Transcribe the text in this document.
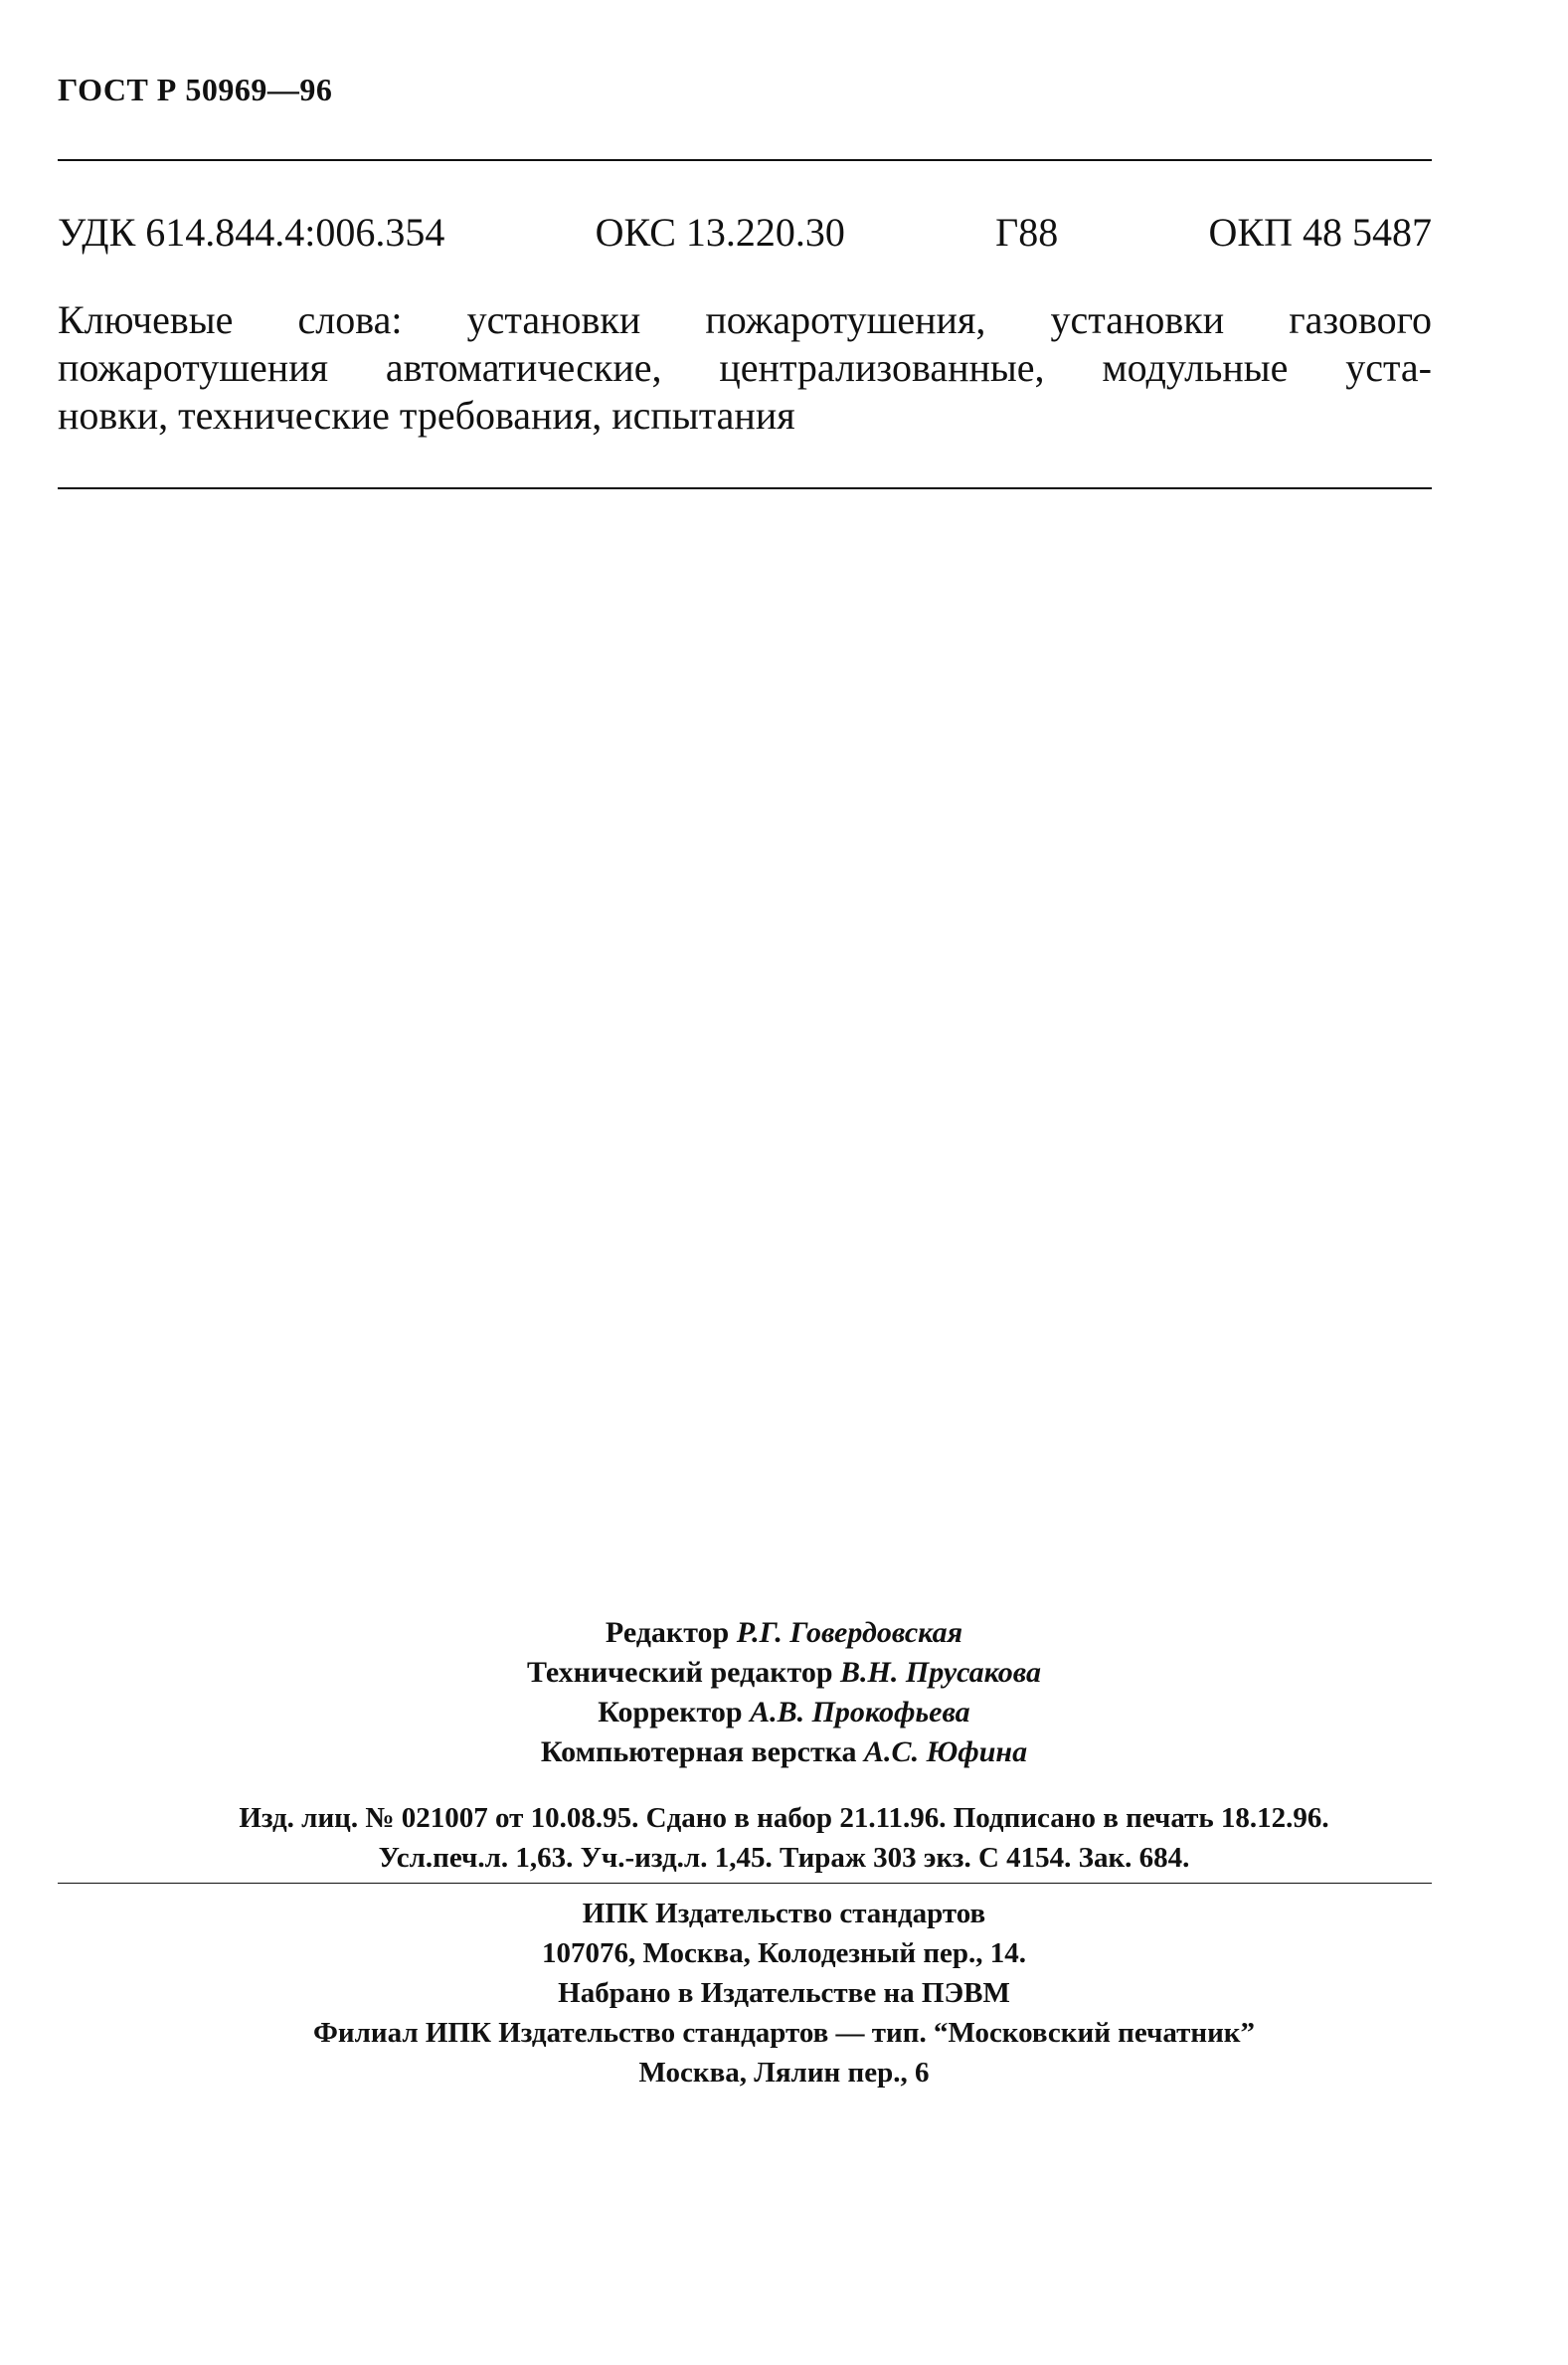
ГОСТ Р 50969—96
УДК 614.844.4:006.354	ОКС 13.220.30	Г88	ОКП 48 5487
Ключевые слова: установки пожаротушения, установки газового
пожаротушения автоматические, централизованные, модульные уста-
новки, технические требования, испытания
Редактор Р.Г. Говердовская
Технический редактор В.Н. Прусакова
Корректор А.В. Прокофьева
Компьютерная верстка А.С. Юфина
Изд. лиц. № 021007 от 10.08.95. Сдано в набор 21.11.96. Подписано в печать 18.12.96.
Усл.печ.л. 1,63. Уч.-изд.л. 1,45. Тираж 303 экз. С 4154. Зак. 684.
ИПК Издательство стандартов
107076, Москва, Колодезный пер., 14.
Набрано в Издательстве на ПЭВМ
Филиал ИПК Издательство стандартов — тип. “Московский печатник”
Москва, Лялин пер., 6
